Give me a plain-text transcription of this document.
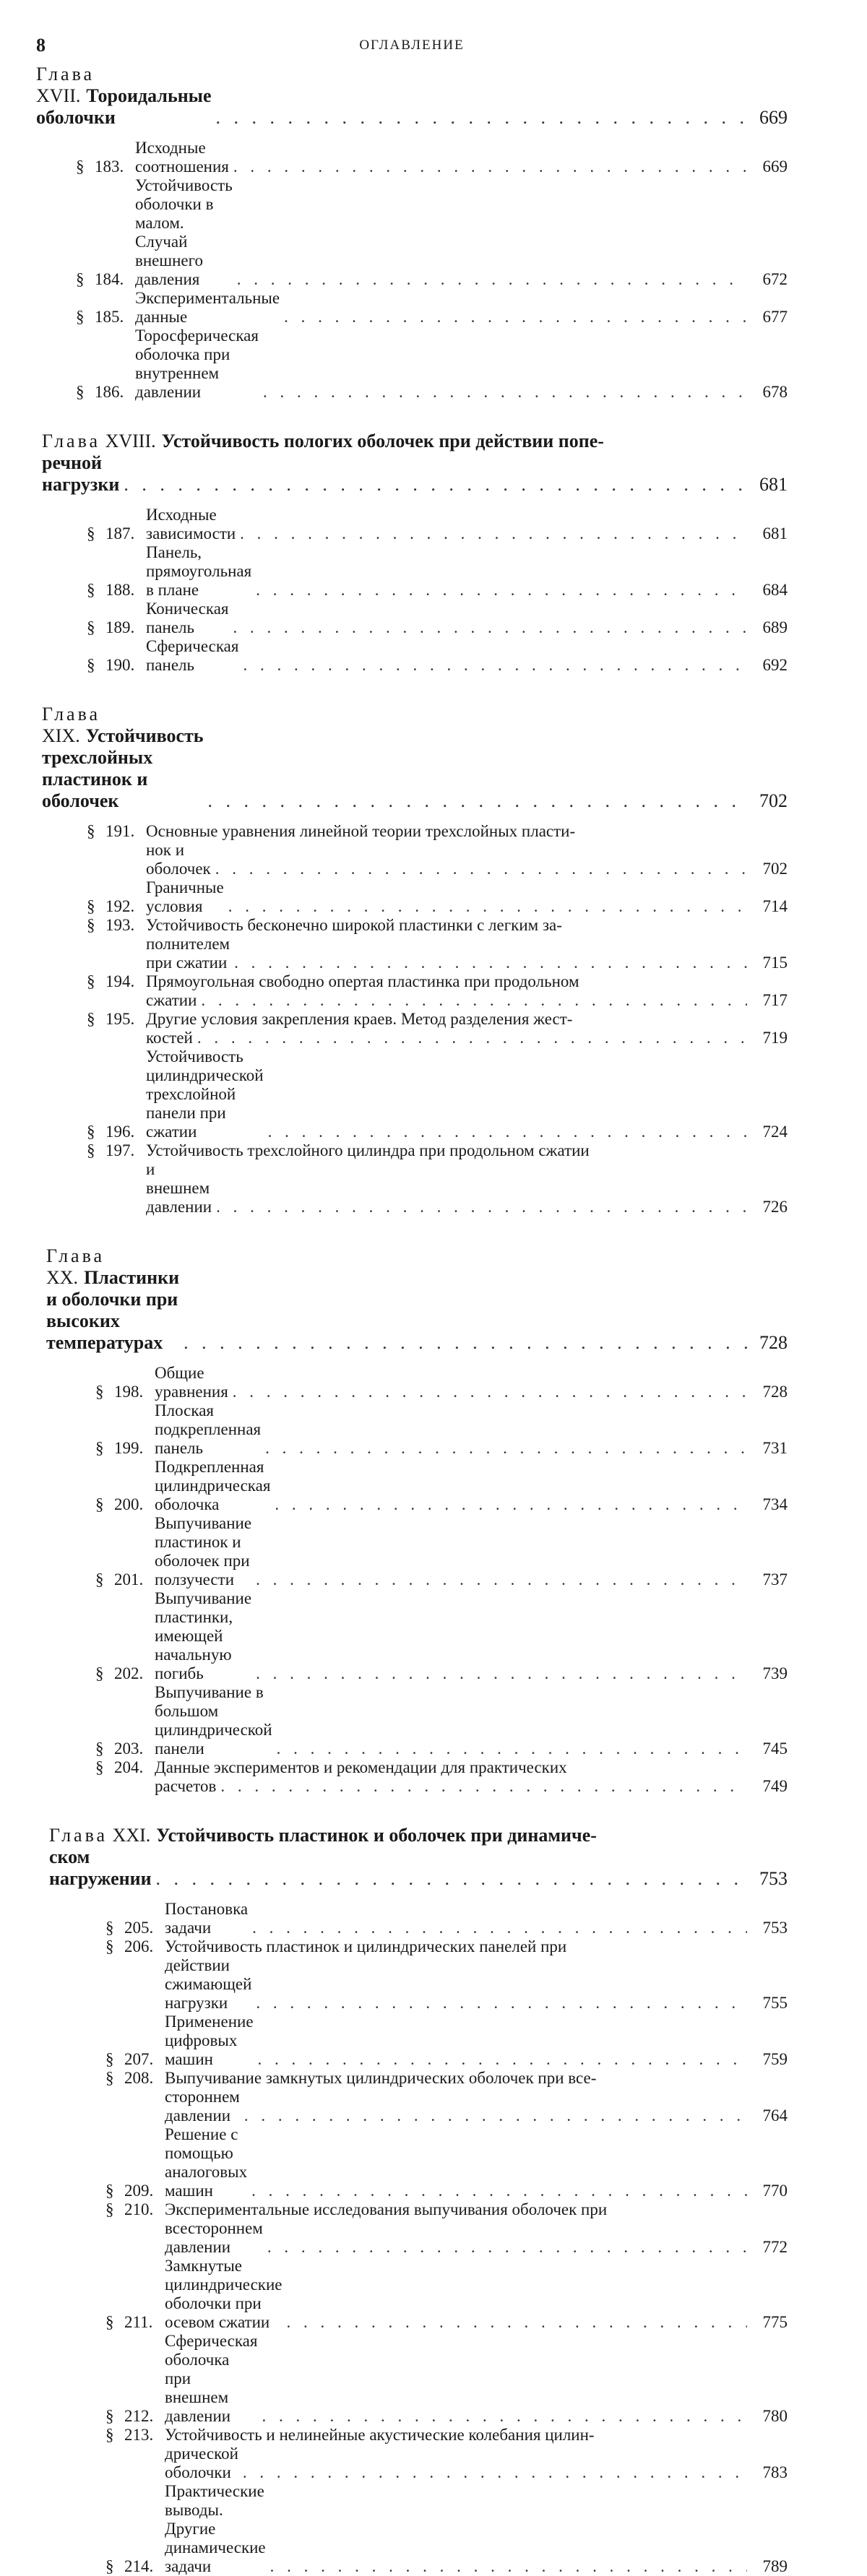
8	ОГЛАВЛЕНИЕ
Глава XVII. Тороидальные оболочки . . .	669
§ 183.
Исходные соотношения . . .	669
§ 184.
Устойчивость оболочки в малом. Случай внешнего давления . . .	672
§ 185.
Экспериментальные данные . . .	677
§ 186.
Торосферическая оболочка при внутреннем давлении . . .	678
Глава XVIII. Устойчивость пологих оболочек при действии попе-
речной нагрузки . . .	681
§ 187.
Исходные зависимости . . .	681
§ 188.
Панель, прямоугольная в плане . . .	684
§ 189.
Коническая панель . . .	689
§ 190.
Сферическая панель . . .	692
Глава XIX. Устойчивость трехслойных пластинок и оболочек . . .	702
§ 191. Основные уравнения линейной теории трехслойных пласти-
нок и оболочек . . .	702
§ 192.
Граничные условия . . .	714
§ 193. Устойчивость бесконечно широкой пластинки с легким за-
полнителем при сжатии . . .	715
§ 194. Прямоугольная свободно опертая пластинка при продольном
сжатии . . .	717
§ 195. Другие условия закрепления краев. Метод разделения жест-
костей . . .	719
§ 196.
Устойчивость цилиндрической трехслойной панели при сжатии . . .	724
§ 197. Устойчивость трехслойного цилиндра при продольном сжатии
и внешнем давлении . . .	726
Глава XX. Пластинки и оболочки при высоких температурах . . .	728
§ 198.
Общие уравнения . . .	728
§ 199.
Плоская подкрепленная панель . . .	731
§ 200.
Подкрепленная цилиндрическая оболочка . . .	734
§ 201.
Выпучивание пластинок и оболочек при ползучести . . .	737
§ 202.
Выпучивание пластинки, имеющей начальную погибь . . .	739
§ 203.
Выпучивание в большом цилиндрической панели . . .	745
§ 204. Данные экспериментов и рекомендации для практических
расчетов . . .	749
Глава XXI. Устойчивость пластинок и оболочек при динамиче-
ском нагружении . . .	753
§ 205.
Постановка задачи . . .	753
§ 206. Устойчивость пластинок и цилиндрических панелей при
действии сжимающей нагрузки . . .	755
§ 207.
Применение цифровых машин . . .	759
§ 208. Выпучивание замкнутых цилиндрических оболочек при все-
стороннем давлении . . .	764
§ 209.
Решение с помощью аналоговых машин . . .	770
§ 210. Экспериментальные исследования выпучивания оболочек при
всестороннем давлении . . .	772
§ 211.
Замкнутые цилиндрические оболочки при осевом сжатии . . .	775
§ 212.
Сферическая оболочка при внешнем давлении . . .	780
§ 213. Устойчивость и нелинейные акустические колебания цилин-
дрической оболочки . . .	783
§ 214.
Практические выводы. Другие динамические задачи . . .	789
